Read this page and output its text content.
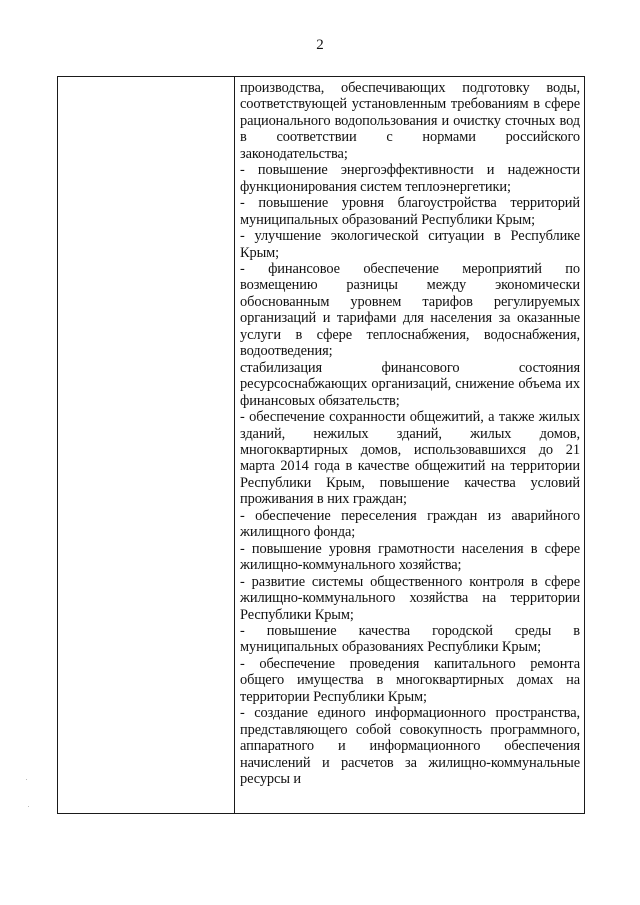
2

производства, обеспечивающих подготовку воды, соответствующей установленным требованиям в сфере рационального водопользования и очистку сточных вод в соответствии с нормами российского законодательства;

- повышение энергоэффективности и надежности функционирования систем теплоэнергетики;

- повышение уровня благоустройства территорий муниципальных образований Республики Крым;

- улучшение экологической ситуации в Республике Крым;

- финансовое обеспечение мероприятий по возмещению разницы между экономически обоснованным уровнем тарифов регулируемых организаций и тарифами для населения за оказанные услуги в сфере теплоснабжения, водоснабжения, водоотведения;

стабилизация финансового состояния ресурсоснабжающих организаций, снижение объема их финансовых обязательств;

- обеспечение сохранности общежитий, а также жилых зданий, нежилых зданий, жилых домов, многоквартирных домов, использовавшихся до 21 марта 2014 года в качестве общежитий на территории Республики Крым, повышение качества условий проживания в них граждан;

- обеспечение переселения граждан из аварийного жилищного фонда;

- повышение уровня грамотности населения в сфере жилищно-коммунального хозяйства;

- развитие системы общественного контроля в сфере жилищно-коммунального хозяйства на территории Республики Крым;

- повышение качества городской среды в муниципальных образованиях Республики Крым;

- обеспечение проведения капитального ремонта общего имущества в многоквартирных домах на территории Республики Крым;

- создание единого информационного пространства, представляющего собой совокупность программного, аппаратного и информационного обеспечения начислений и расчетов за жилищно-коммунальные ресурсы и
